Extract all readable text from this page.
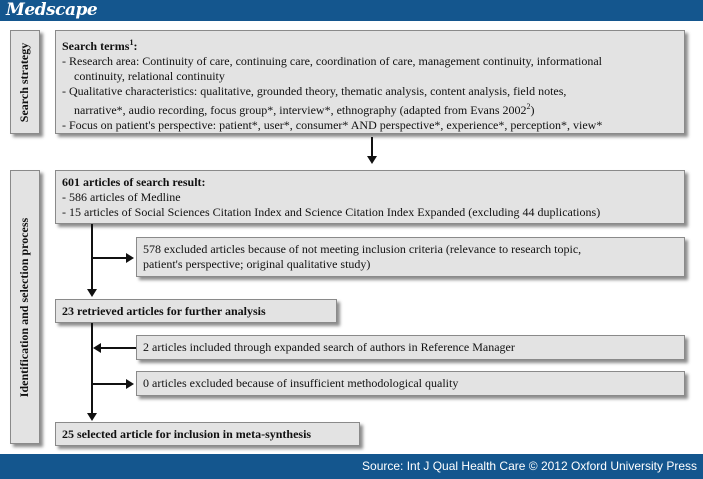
Medscape
Search strategy
Identification and selection process
Search terms$^1$:
- Research area: Continuity of care, continuing care, coordination of care, management continuity, informational
continuity, relational continuity
- Qualitative characteristics: qualitative, grounded theory, thematic analysis, content analysis, field notes,
narrative*, audio recording, focus group*, interview*, ethnography (adapted from Evans 2002$^2$)
- Focus on patient's perspective: patient*, user*, consumer* AND perspective*, experience*, perception*, view*
601 articles of search result:
- 586 articles of Medline
- 15 articles of Social Sciences Citation Index and Science Citation Index Expanded (excluding 44 duplications)
578 excluded articles because of not meeting inclusion criteria (relevance to research topic,
patient's perspective; original qualitative study)
23 retrieved articles for further analysis
2 articles included through expanded search of authors in Reference Manager
0 articles excluded because of insufficient methodological quality
25 selected article for inclusion in meta-synthesis
Source: Int J Qual Health Care © 2012 Oxford University Press
